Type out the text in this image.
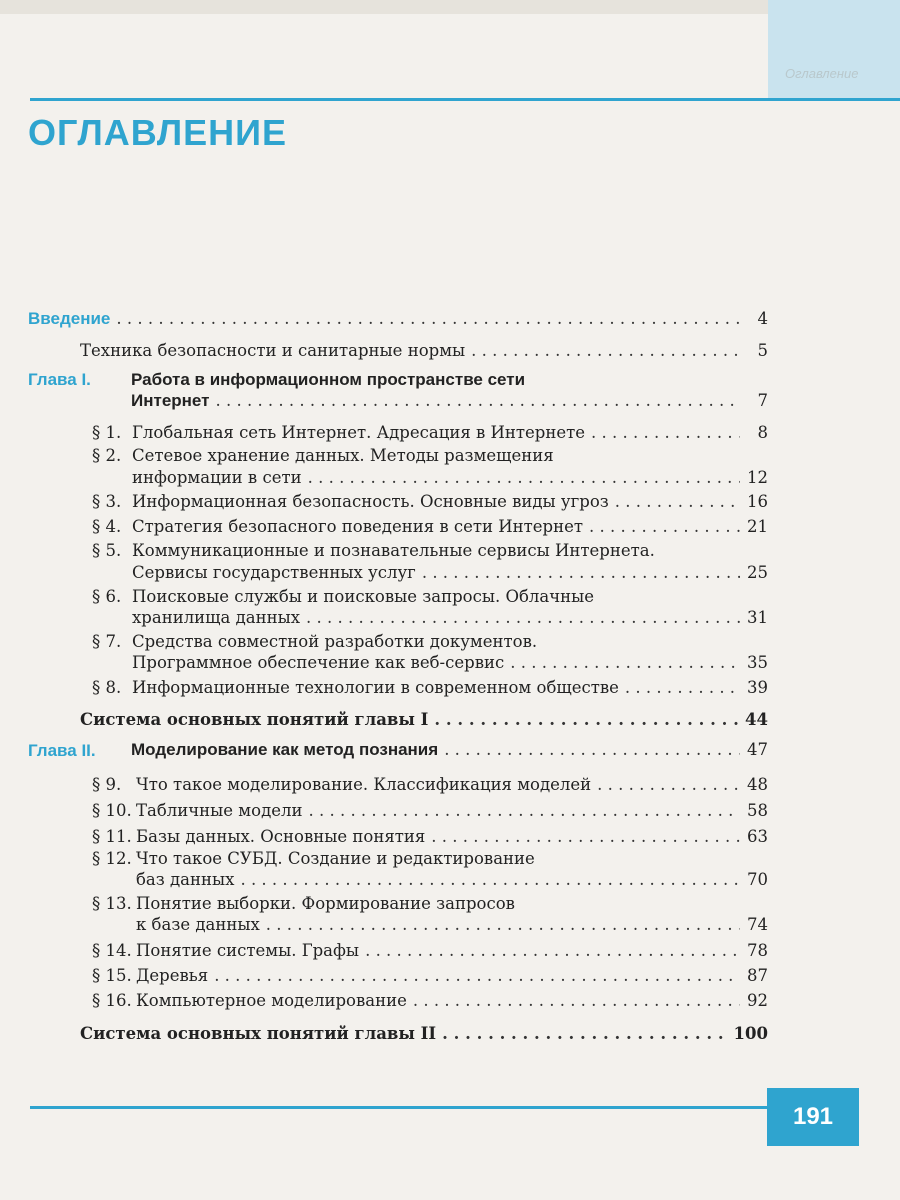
Оглавление
ОГЛАВЛЕНИЕ
Введение . . .	4
Техника безопасности и санитарные нормы . . .	5
Глава I. Работа в информационном пространстве сети
Интернет . . .	7
§ 1. Глобальная сеть Интернет. Адресация в Интернете . . .	8
§ 2. Сетевое хранение данных. Методы размещения
информации в сети . . .	12
§ 3. Информационная безопасность. Основные виды угроз . . .	16
§ 4. Стратегия безопасного поведения в сети Интернет . . .	21
§ 5. Коммуникационные и познавательные сервисы Интернета.
Сервисы государственных услуг . . .	25
§ 6. Поисковые службы и поисковые запросы. Облачные
хранилища данных . . .	31
§ 7. Средства совместной разработки документов.
Программное обеспечение как веб-сервис . . .	35
§ 8. Информационные технологии в современном обществе . . .	39
Система основных понятий главы I . . .	44
Глава II. Моделирование как метод познания . . .	47
§ 9. Что такое моделирование. Классификация моделей . . .	48
§ 10. Табличные модели . . .	58
§ 11. Базы данных. Основные понятия . . .	63
§ 12. Что такое СУБД. Создание и редактирование
баз данных . . .	70
§ 13. Понятие выборки. Формирование запросов
к базе данных . . .	74
§ 14. Понятие системы. Графы . . .	78
§ 15. Деревья . . .	87
§ 16. Компьютерное моделирование . . .	92
Система основных понятий главы II . . .	100
191
